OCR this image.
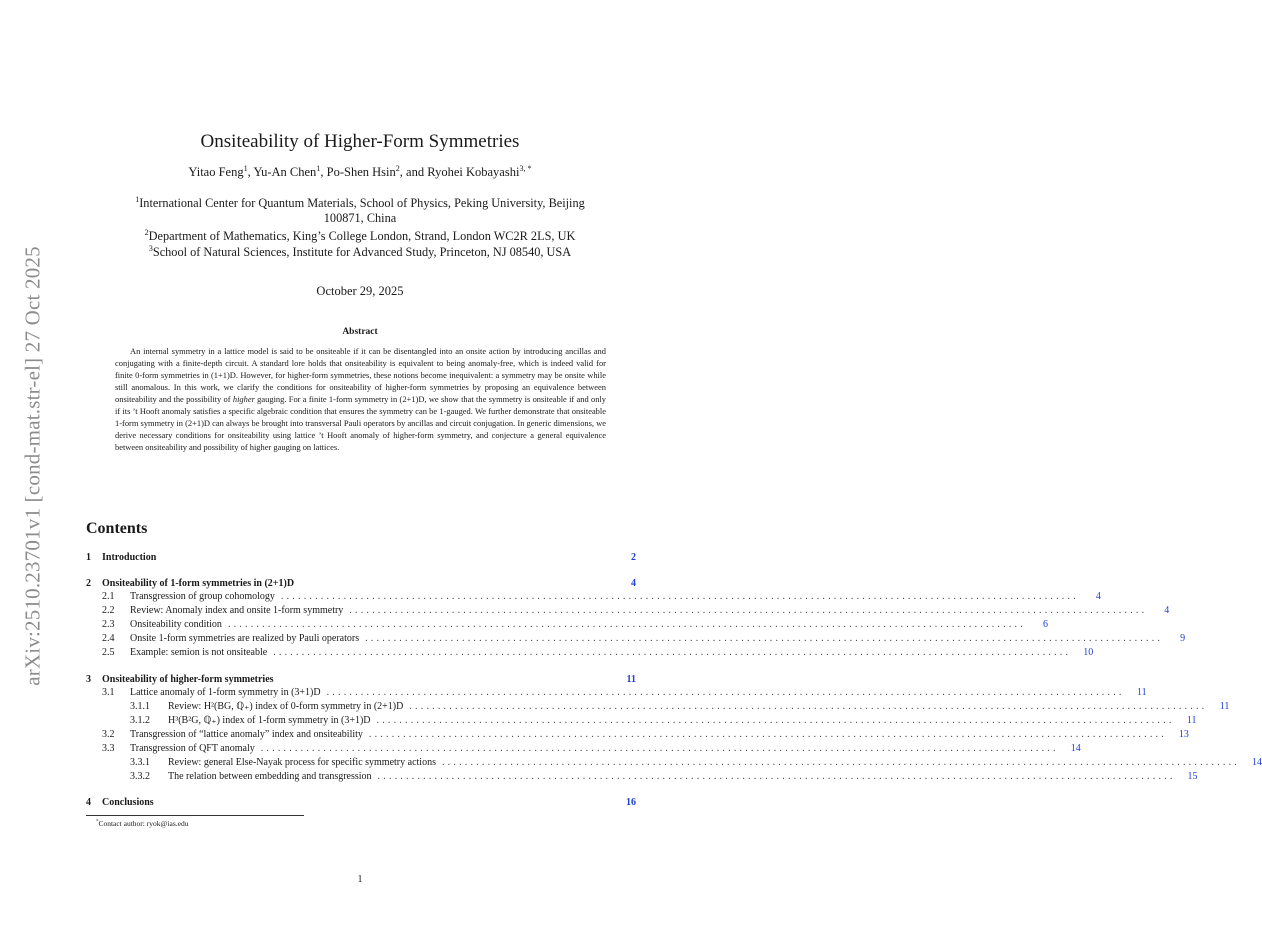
arXiv:2510.23701v1 [cond-mat.str-el] 27 Oct 2025
Onsiteability of Higher-Form Symmetries
Yitao Feng$^1$, Yu-An Chen$^1$, Po-Shen Hsin$^2$, and Ryohei Kobayashi$^{3, *}$
$^1$International Center for Quantum Materials, School of Physics, Peking University, Beijing
100871, China
$^2$Department of Mathematics, King’s College London, Strand, London WC2R 2LS, UK
$^3$School of Natural Sciences, Institute for Advanced Study, Princeton, NJ 08540, USA
October 29, 2025
Abstract
An internal symmetry in a lattice model is said to be onsiteable if it can be disentangled into an onsite action by introducing ancillas and conjugating with a finite-depth circuit. A standard lore holds that onsiteability is equivalent to being anomaly-free, which is indeed valid for finite 0-form symmetries in (1+1)D. However, for higher-form symmetries, these notions become inequivalent: a symmetry may be onsite while still anomalous. In this work, we clarify the conditions for onsiteability of higher-form symmetries by proposing an equivalence between onsiteability and the possibility of higher gauging. For a finite 1-form symmetry in (2+1)D, we show that the symmetry is onsiteable if and only if its ’t Hooft anomaly satisfies a specific algebraic condition that ensures the symmetry can be 1-gauged. We further demonstrate that onsiteable 1-form symmetry in (2+1)D can always be brought into transversal Pauli operators by ancillas and circuit conjugation. In generic dimensions, we derive necessary conditions for onsiteability using lattice ’t Hooft anomaly of higher-form symmetry, and conjecture a general equivalence between onsiteability and possibility of higher gauging on lattices.
Contents
1	Introduction	2
2	Onsiteability of 1-form symmetries in (2+1)D	4
2.1	Transgression of group cohomology ............................................................................................................................................	4
2.2	Review: Anomaly index and onsite 1-form symmetry ............................................................................................................................................	4
2.3	Onsiteability condition ............................................................................................................................................	6
2.4	Onsite 1-form symmetries are realized by Pauli operators ............................................................................................................................................	9
2.5	Example: semion is not onsiteable ............................................................................................................................................	10
3	Onsiteability of higher-form symmetries	11
3.1	Lattice anomaly of 1-form symmetry in (3+1)D ............................................................................................................................................	11
3.1.1	Review: H²(BG, ℚ₊) index of 0-form symmetry in (2+1)D ............................................................................................................................................	11
3.1.2	H³(B²G, ℚ₊) index of 1-form symmetry in (3+1)D ............................................................................................................................................	11
3.2	Transgression of “lattice anomaly” index and onsiteability ............................................................................................................................................	13
3.3	Transgression of QFT anomaly ............................................................................................................................................	14
3.3.1	Review: general Else-Nayak process for specific symmetry actions ............................................................................................................................................	14
3.3.2	The relation between embedding and transgression ............................................................................................................................................	15
4	Conclusions	16
*Contact author: ryok@ias.edu
1
